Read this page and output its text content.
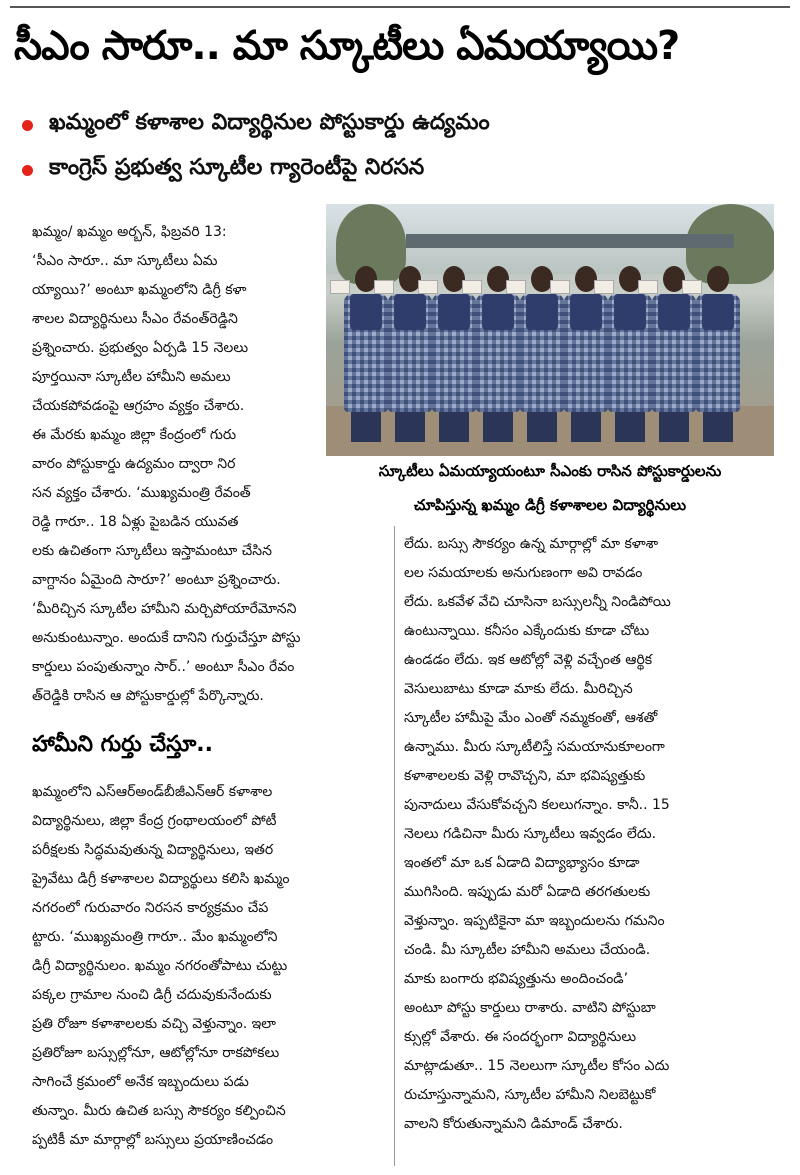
సీఎం సారూ.. మా స్కూటీలు ఏమయ్యాయి?
ఖమ్మంలో కళాశాల విద్యార్థినుల పోస్టుకార్డు ఉద్యమం
కాంగ్రెస్ ప్రభుత్వ స్కూటీల గ్యారెంటీపై నిరసన
ఖమ్మం/ ఖమ్మం అర్బన్, ఫిబ్రవరి 13:
‘సీఎం సారూ.. మా స్కూటీలు ఏమ
య్యాయి?’ అంటూ ఖమ్మంలోని డిగ్రీ కళా
శాలల విద్యార్థినులు సీఎం రేవంత్‌రెడ్డిని
ప్రశ్నించారు. ప్రభుత్వం ఏర్పడి 15 నెలలు
పూర్తయినా స్కూటీల హామీని అమలు
చేయకపోవడంపై ఆగ్రహం వ్యక్తం చేశారు.
ఈ మేరకు ఖమ్మం జిల్లా కేంద్రంలో గురు
వారం పోస్టుకార్డు ఉద్యమం ద్వారా నిర
సన వ్యక్తం చేశారు. ‘ముఖ్యమంత్రి రేవంత్
రెడ్డి గారూ.. 18 ఏళ్లు పైబడిన యువత
లకు ఉచితంగా స్కూటీలు ఇస్తామంటూ చేసిన
వాగ్దానం ఏమైంది సారూ?’ అంటూ ప్రశ్నించారు.
‘మీరిచ్చిన స్కూటీల హామీని మర్చిపోయారేమోనని
అనుకుంటున్నాం. అందుకే దానిని గుర్తుచేస్తూ పోస్టు
కార్డులు పంపుతున్నాం సార్..’ అంటూ సీఎం రేవం
త్‌రెడ్డికి రాసిన ఆ పోస్టుకార్డుల్లో పేర్కొన్నారు.
స్కూటీలు ఏమయ్యాయంటూ సీఎంకు రాసిన పోస్టుకార్డులను
చూపిస్తున్న ఖమ్మం డిగ్రీ కళాశాలల విద్యార్థినులు
హామీని గుర్తు చేస్తూ..
ఖమ్మంలోని ఎస్‌ఆర్‌అండ్‌బీజీఎన్‌ఆర్ కళాశాల
విద్యార్థినులు, జిల్లా కేంద్ర గ్రంథాలయంలో పోటీ
పరీక్షలకు సిద్ధమవుతున్న విద్యార్థినులు, ఇతర
ప్రైవేటు డిగ్రీ కళాశాలల విద్యార్థులు కలిసి ఖమ్మం
నగరంలో గురువారం నిరసన కార్యక్రమం చేప
ట్టారు. ‘ముఖ్యమంత్రి గారూ.. మేం ఖమ్మంలోని
డిగ్రీ విద్యార్థినులం. ఖమ్మం నగరంతోపాటు చుట్టు
పక్కల గ్రామాల నుంచి డిగ్రీ చదువుకునేందుకు
ప్రతి రోజూ కళాశాలలకు వచ్చి వెళ్తున్నాం. ఇలా
ప్రతిరోజూ బస్సుల్లోనూ, ఆటోల్లోనూ రాకపోకలు
సాగించే క్రమంలో అనేక ఇబ్బందులు పడు
తున్నాం. మీరు ఉచిత బస్సు సౌకర్యం కల్పించిన
ప్పటికీ మా మార్గాల్లో బస్సులు ప్రయాణించడం
లేదు. బస్సు సౌకర్యం ఉన్న మార్గాల్లో మా కళాశా
లల సమయాలకు అనుగుణంగా అవి రావడం
లేదు. ఒకవేళ వేచి చూసినా బస్సులన్నీ నిండిపోయి
ఉంటున్నాయి. కనీసం ఎక్కేందుకు కూడా చోటు
ఉండడం లేదు. ఇక ఆటోల్లో వెళ్లి వచ్చేంత ఆర్థిక
వెసులుబాటు కూడా మాకు లేదు. మీరిచ్చిన
స్కూటీల హామీపై మేం ఎంతో నమ్మకంతో, ఆశతో
ఉన్నాము. మీరు స్కూటీలిస్తే సమయానుకూలంగా
కళాశాలలకు వెళ్లి రావొచ్చని, మా భవిష్యత్తుకు
పునాదులు వేసుకోవచ్చని కలలుగన్నాం. కానీ.. 15
నెలలు గడిచినా మీరు స్కూటీలు ఇవ్వడం లేదు.
ఇంతలో మా ఒక ఏడాది విద్యాభ్యాసం కూడా
ముగిసింది. ఇప్పుడు మరో ఏడాది తరగతులకు
వెళ్తున్నాం. ఇప్పటికైనా మా ఇబ్బందులను గమనిం
చండి. మీ స్కూటీల హామీని అమలు చేయండి.
మాకు బంగారు భవిష్యత్తును అందించండి’
అంటూ పోస్టు కార్డులు రాశారు. వాటిని పోస్టుబా
క్సుల్లో వేశారు. ఈ సందర్భంగా విద్యార్థినులు
మాట్లాడుతూ.. 15 నెలలుగా స్కూటీల కోసం ఎదు
రుచూస్తున్నామని, స్కూటీల హామీని నిలబెట్టుకో
వాలని కోరుతున్నామని డిమాండ్ చేశారు.
